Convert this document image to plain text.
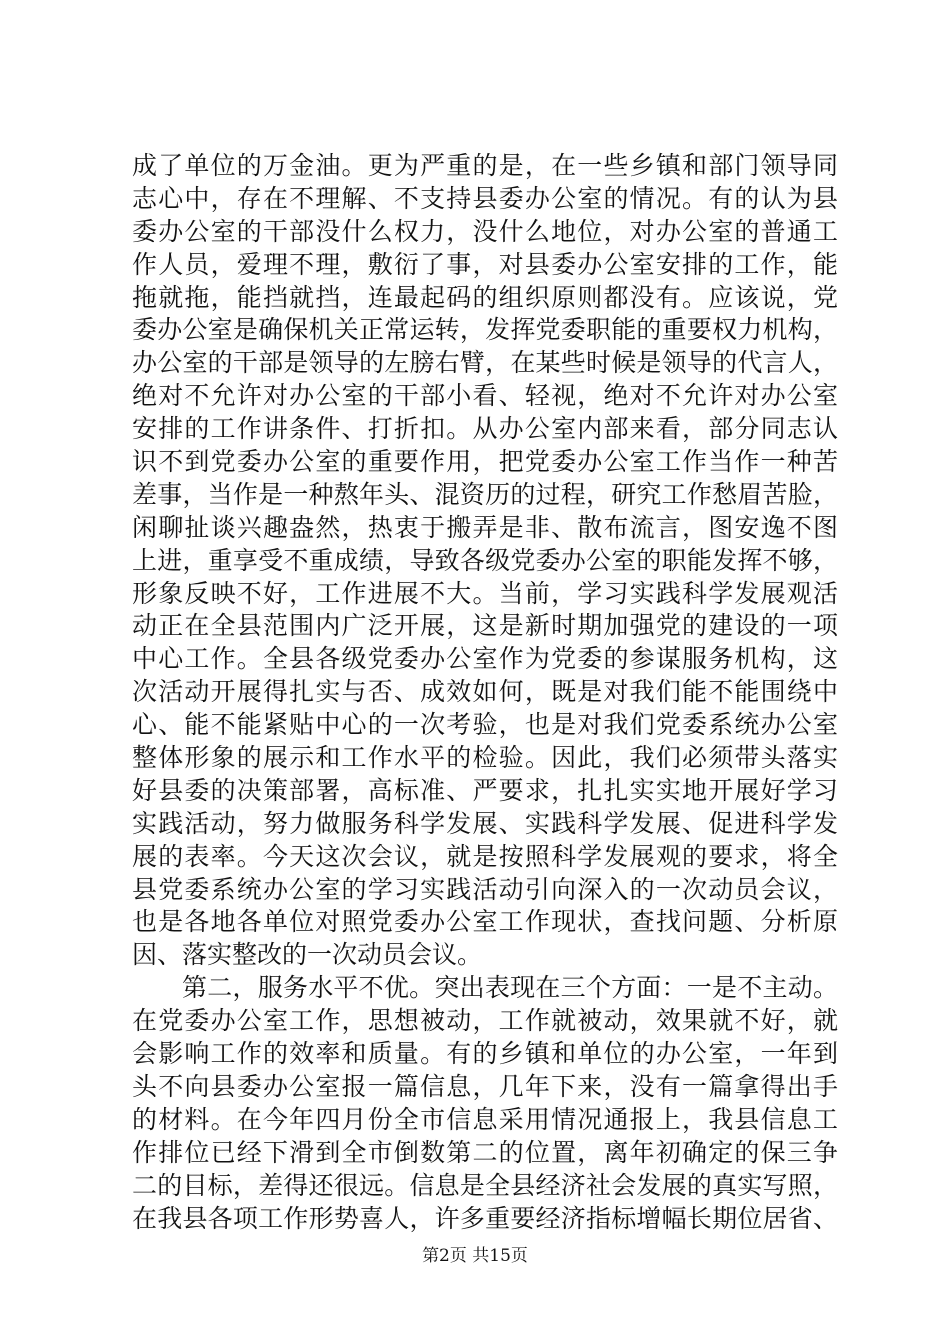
成了单位的万金油。更为严重的是，在一些乡镇和部门领导同
志心中，存在不理解、不支持县委办公室的情况。有的认为县
委办公室的干部没什么权力，没什么地位，对办公室的普通工
作人员，爱理不理，敷衍了事，对县委办公室安排的工作，能
拖就拖，能挡就挡，连最起码的组织原则都没有。应该说，党
委办公室是确保机关正常运转，发挥党委职能的重要权力机构，
办公室的干部是领导的左膀右臂，在某些时候是领导的代言人，
绝对不允许对办公室的干部小看、轻视，绝对不允许对办公室
安排的工作讲条件、打折扣。从办公室内部来看，部分同志认
识不到党委办公室的重要作用，把党委办公室工作当作一种苦
差事，当作是一种熬年头、混资历的过程，研究工作愁眉苦脸，
闲聊扯谈兴趣盎然，热衷于搬弄是非、散布流言，图安逸不图
上进，重享受不重成绩，导致各级党委办公室的职能发挥不够，
形象反映不好，工作进展不大。当前，学习实践科学发展观活
动正在全县范围内广泛开展，这是新时期加强党的建设的一项
中心工作。全县各级党委办公室作为党委的参谋服务机构，这
次活动开展得扎实与否、成效如何，既是对我们能不能围绕中
心、能不能紧贴中心的一次考验，也是对我们党委系统办公室
整体形象的展示和工作水平的检验。因此，我们必须带头落实
好县委的决策部署，高标准、严要求，扎扎实实地开展好学习
实践活动，努力做服务科学发展、实践科学发展、促进科学发
展的表率。今天这次会议，就是按照科学发展观的要求，将全
县党委系统办公室的学习实践活动引向深入的一次动员会议，
也是各地各单位对照党委办公室工作现状，查找问题、分析原
因、落实整改的一次动员会议。
第二，服务水平不优。突出表现在三个方面：一是不主动。
在党委办公室工作，思想被动，工作就被动，效果就不好，就
会影响工作的效率和质量。有的乡镇和单位的办公室，一年到
头不向县委办公室报一篇信息，几年下来，没有一篇拿得出手
的材料。在今年四月份全市信息采用情况通报上，我县信息工
作排位已经下滑到全市倒数第二的位置，离年初确定的保三争
二的目标，差得还很远。信息是全县经济社会发展的真实写照，
在我县各项工作形势喜人，许多重要经济指标增幅长期位居省、
第2页 共15页
